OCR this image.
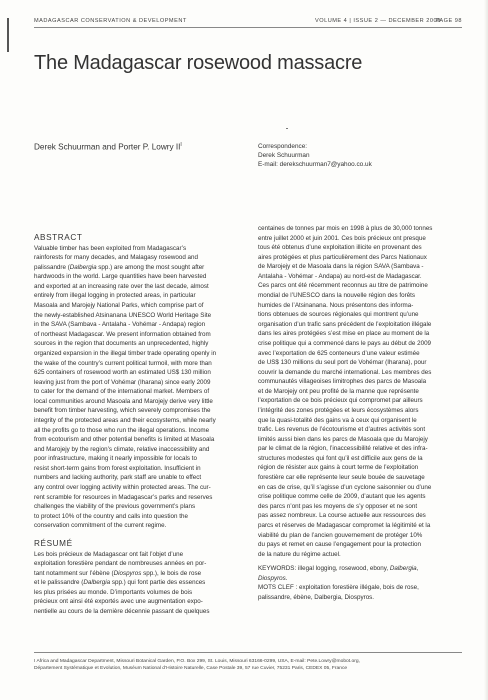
MADAGASCAR CONSERVATION & DEVELOPMENT	VOLUME 4 | ISSUE 2 — DECEMBER 2009
PAGE 98
The Madagascar rosewood massacre
Derek Schuurman and Porter P. Lowry $II^I$	Correspondence:
Derek Schuurman
E-mail: derekschuurman7@yahoo.co.uk
ABSTRACT
Valuable timber has been exploited from Madagascar’s
rainforests for many decades, and Malagasy rosewood and
palissandre (Dalbergia spp.) are among the most sought after
hardwoods in the world. Large quantities have been harvested
and exported at an increasing rate over the last decade, almost
entirely from illegal logging in protected areas, in particular
Masoala and Marojejy National Parks, which comprise part of
the newly-established Atsinanana UNESCO World Heritage Site
in the SAVA (Sambava - Antalaha - Vohémar - Andapa) region
of northeast Madagascar. We present information obtained from
sources in the region that documents an unprecedented, highly
organized expansion in the illegal timber trade operating openly in
the wake of the country’s current political turmoil, with more than
625 containers of rosewood worth an estimated US$ 130 million
leaving just from the port of Vohémar (Iharana) since early 2009
to cater for the demand of the international market. Members of
local communities around Masoala and Marojejy derive very little
benefit from timber harvesting, which severely compromises the
integrity of the protected areas and their ecosystems, while nearly
all the profits go to those who run the illegal operations. Income
from ecotourism and other potential benefits is limited at Masoala
and Marojejy by the region’s climate, relative inaccessibility and
poor infrastructure, making it nearly impossible for locals to
resist short-term gains from forest exploitation. Insufficient in
numbers and lacking authority, park staff are unable to effect
any control over logging activity within protected areas. The cur-
rent scramble for resources in Madagascar’s parks and reserves
challenges the viability of the previous government’s plans
to protect 10% of the country and calls into question the
conservation commitment of the current regime.
RÉSUMÉ
Les bois précieux de Madagascar ont fait l’objet d’une
exploitation forestière pendant de nombreuses années en por-
tant notamment sur l’ébène (Diospyros spp.), le bois de rose
et le palissandre (Dalbergia spp.) qui font partie des essences
les plus prisées au monde. D’importants volumes de bois
précieux ont ainsi été exportés avec une augmentation expo-
nentielle au cours de la dernière décennie passant de quelques
centaines de tonnes par mois en 1998 à plus de 30,000 tonnes
entre juillet 2000 et juin 2001. Ces bois précieux ont presque
tous été obtenus d’une exploitation illicite en provenant des
aires protégées et plus particulièrement des Parcs Nationaux
de Marojejy et de Masoala dans la région SAVA (Sambava -
Antalaha - Vohémar - Andapa) au nord-est de Madagascar.
Ces parcs ont été récemment reconnus au titre de patrimoine
mondial de l’UNESCO dans la nouvelle région des forêts
humides de l’Atsinanana. Nous présentons des informa-
tions obtenues de sources régionales qui montrent qu’une
organisation d’un trafic sans précédent de l’exploitation illégale
dans les aires protégées s’est mise en place au moment de la
crise politique qui a commencé dans le pays au début de 2009
avec l’exportation de 625 conteneurs d’une valeur estimée
de US$ 130 millions du seul port de Vohémar (Iharana), pour
couvrir la demande du marché international. Les membres des
communautés villageoises limitrophes des parcs de Masoala
et de Marojejy ont peu profité de la manne que représente
l’exportation de ce bois précieux qui compromet par ailleurs
l’intégrité des zones protégées et leurs écosystèmes alors
que la quasi-totalité des gains va à ceux qui organisent le
trafic. Les revenus de l’écotourisme et d’autres activités sont
limités aussi bien dans les parcs de Masoala que du Marojejy
par le climat de la région, l’inaccessibilité relative et des infra-
structures modestes qui font qu’il est difficile aux gens de la
région de résister aux gains à court terme de l’exploitation
forestière car elle représente leur seule bouée de sauvetage
en cas de crise, qu’il s’agisse d’un cyclone saisonnier ou d’une
crise politique comme celle de 2009, d’autant que les agents
des parcs n’ont pas les moyens de s’y opposer et ne sont
pas assez nombreux. La course actuelle aux ressources des
parcs et réserves de Madagascar compromet la légitimité et la
viabilité du plan de l’ancien gouvernement de protéger 10%
du pays et remet en cause l’engagement pour la protection
de la nature du régime actuel.
KEYWORDS: illegal logging, rosewood, ebony, Dalbergia,
Diospyros.
MOTS CLEF : exploitation forestière illégale, bois de rose,
palissandre, ébène, Dalbergia, Diospyros.
I Africa and Madagascar Department, Missouri Botanical Garden, P.O. Box 299, St. Louis, Missouri 63166-0299, USA, E-mail: Pete.Lowry@mobot.org,
Département Systématique et Evolution, Muséum National d’Histoire Naturelle, Case Postale 39, 57 rue Cuvier, 75231 Paris, CEDEX 05, France
